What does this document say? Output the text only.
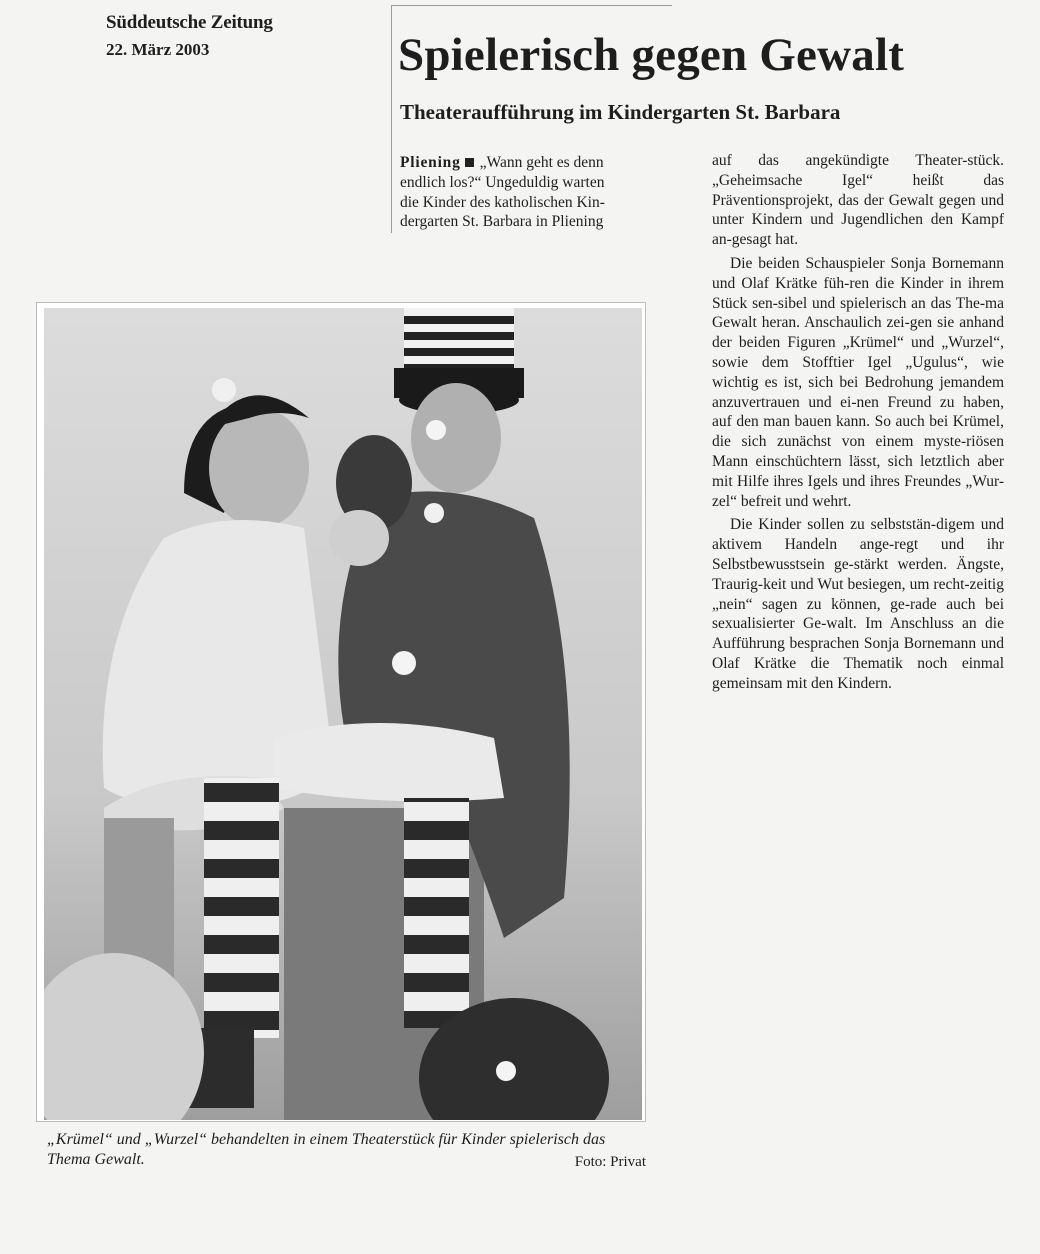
Süddeutsche Zeitung
22. März 2003	Spielerisch gegen Gewalt
Theateraufführung im Kindergarten St. Barbara
Pliening „Wann geht es denn
endlich los?“ Ungeduldig warten
die Kinder des katholischen Kin-
dergarten St. Barbara in Pliening

auf das angekündigte Theater-stück. „Geheimsache Igel“ heißt das Präventionsprojekt, das der Gewalt gegen und unter Kindern und Jugendlichen den Kampf an-gesagt hat.

Die beiden Schauspieler Sonja Bornemann und Olaf Krätke füh-ren die Kinder in ihrem Stück sen-sibel und spielerisch an das The-ma Gewalt heran. Anschaulich zei-gen sie anhand der beiden Figuren „Krümel“ und „Wurzel“, sowie dem Stofftier Igel „Ugulus“, wie wichtig es ist, sich bei Bedrohung jemandem anzuvertrauen und ei-nen Freund zu haben, auf den man bauen kann. So auch bei Krümel, die sich zunächst von einem myste-riösen Mann einschüchtern lässt, sich letztlich aber mit Hilfe ihres Igels und ihres Freundes „Wur-zel“ befreit und wehrt.

Die Kinder sollen zu selbststän-digem und aktivem Handeln ange-regt und ihr Selbstbewusstsein ge-stärkt werden. Ängste, Traurig-keit und Wut besiegen, um recht-zeitig „nein“ sagen zu können, ge-rade auch bei sexualisierter Ge-walt. Im Anschluss an die Aufführung besprachen Sonja Bornemann und Olaf Krätke die Thematik noch einmal gemeinsam mit den Kindern.

„Krümel“ und „Wurzel“ behandelten in einem Theaterstück für Kinder spielerisch das Thema Gewalt.	Foto: Privat
